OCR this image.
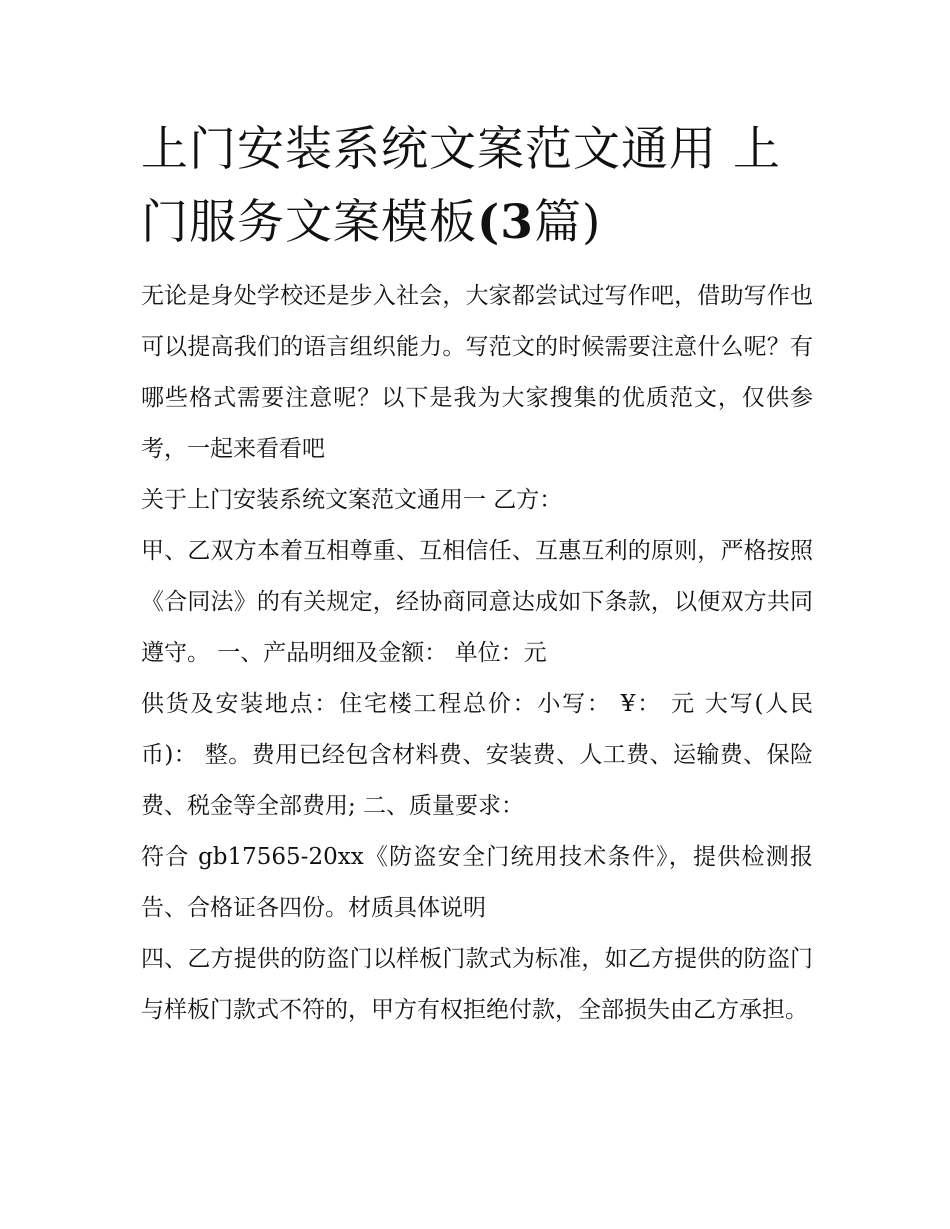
上门安装系统文案范文通用 上门服务文案模板(3篇)

无论是身处学校还是步入社会，大家都尝试过写作吧，借助写作也可以提高我们的语言组织能力。写范文的时候需要注意什么呢？有哪些格式需要注意呢？以下是我为大家搜集的优质范文，仅供参考，一起来看看吧

关于上门安装系统文案范文通用一 乙方：

甲、乙双方本着互相尊重、互相信任、互惠互利的原则，严格按照《合同法》的有关规定，经协商同意达成如下条款，以便双方共同遵守。 一、产品明细及金额： 单位：元

供货及安装地点：住宅楼工程总价：小写： ¥： 元 大写(人民币)： 整。费用已经包含材料费、安装费、人工费、运输费、保险费、税金等全部费用; 二、质量要求：

符合 gb17565-20xx《防盗安全门统用技术条件》，提供检测报告、合格证各四份。材质具体说明

四、乙方提供的防盗门以样板门款式为标准，如乙方提供的防盗门与样板门款式不符的，甲方有权拒绝付款，全部损失由乙方承担。
